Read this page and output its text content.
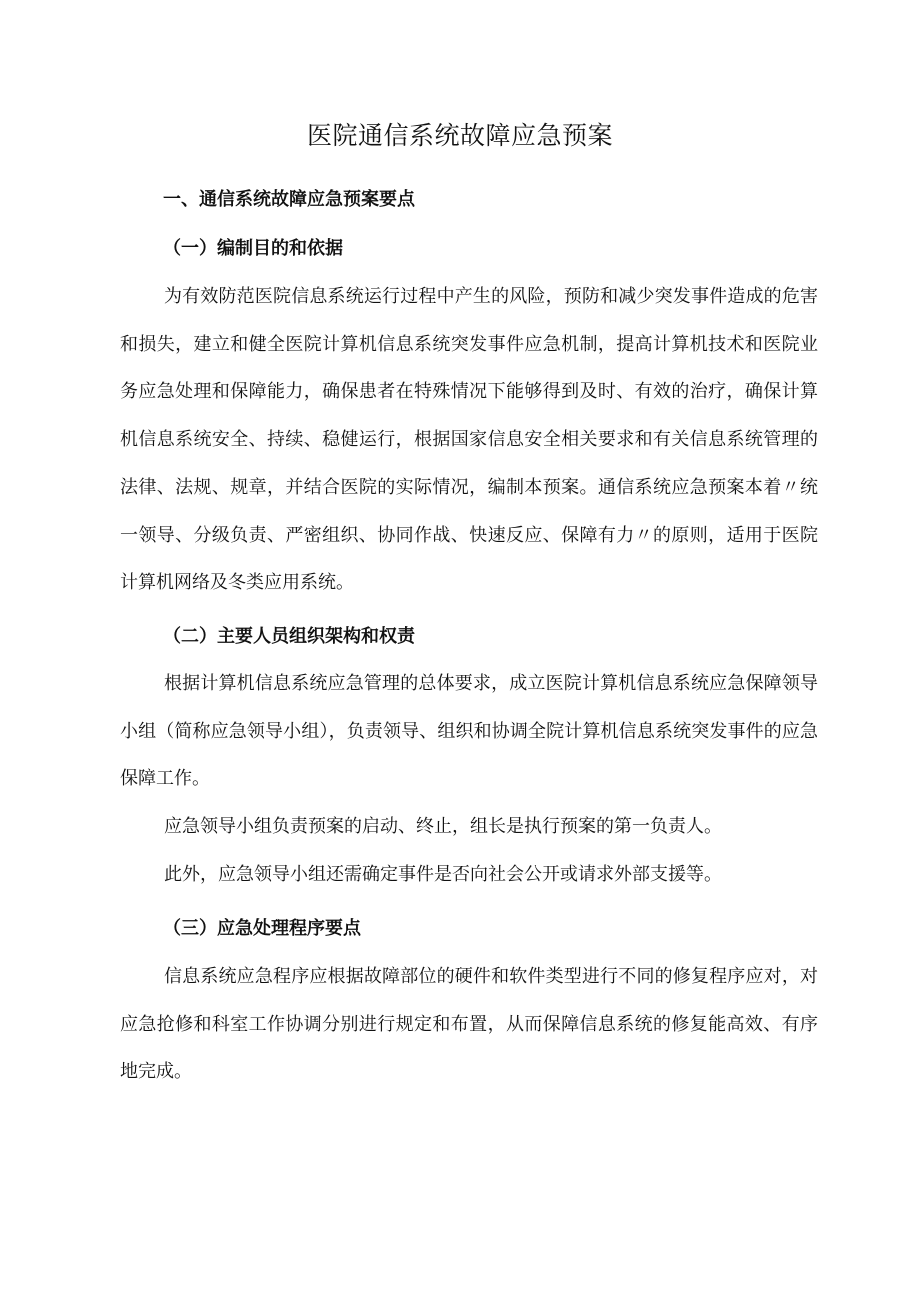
医院通信系统故障应急预案
一、通信系统故障应急预案要点
（一）编制目的和依据

为有效防范医院信息系统运行过程中产生的风险，预防和减少突发事件造成的危害和损失，建立和健全医院计算机信息系统突发事件应急机制，提高计算机技术和医院业务应急处理和保障能力，确保患者在特殊情况下能够得到及时、有效的治疗，确保计算机信息系统安全、持续、稳健运行，根据国家信息安全相关要求和有关信息系统管理的法律、法规、规章，并结合医院的实际情况，编制本预案。通信系统应急预案本着〃统一领导、分级负责、严密组织、协同作战、快速反应、保障有力〃的原则，适用于医院计算机网络及冬类应用系统。

（二）主要人员组织架构和权责

根据计算机信息系统应急管理的总体要求，成立医院计算机信息系统应急保障领导小组（简称应急领导小组），负责领导、组织和协调全院计算机信息系统突发事件的应急保障工作。

应急领导小组负责预案的启动、终止，组长是执行预案的第一负责人。

此外，应急领导小组还需确定事件是否向社会公开或请求外部支援等。

（三）应急处理程序要点

信息系统应急程序应根据故障部位的硬件和软件类型进行不同的修复程序应对，对应急抢修和科室工作协调分别进行规定和布置，从而保障信息系统的修复能高效、有序地完成。
